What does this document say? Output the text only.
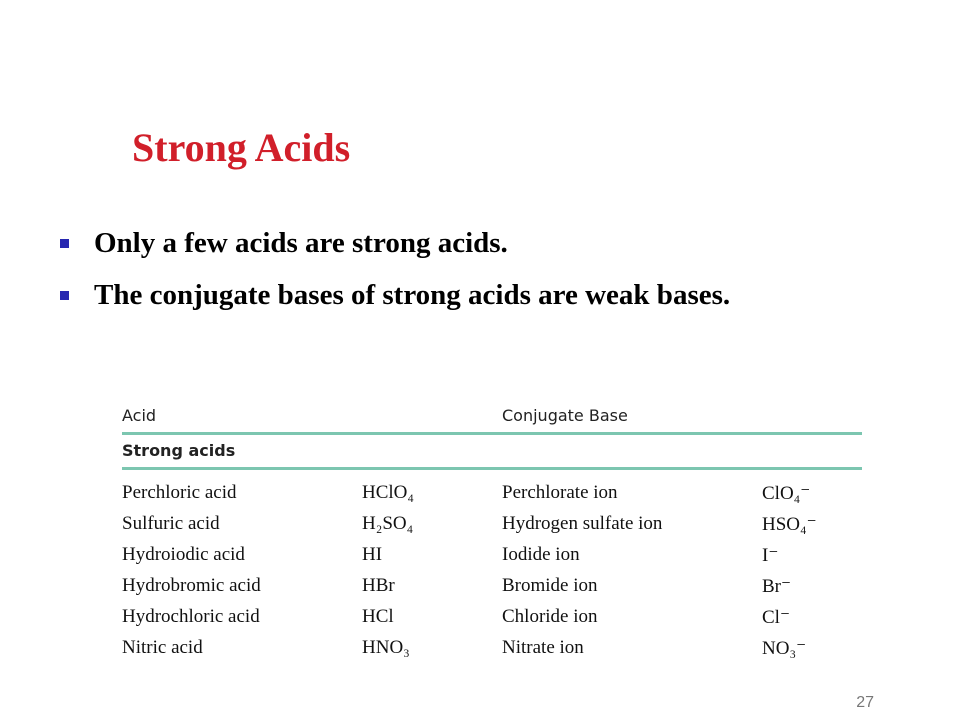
Strong Acids
Only a few acids are strong acids.
The conjugate bases of strong acids are weak bases.
Acid	Conjugate Base
Strong acids
Perchloric acid	HClO₄	Perchlorate ion	ClO₄⁻
Sulfuric acid	H₂SO₄	Hydrogen sulfate ion	HSO₄⁻
Hydroiodic acid	HI	Iodide ion	I⁻
Hydrobromic acid	HBr	Bromide ion	Br⁻
Hydrochloric acid	HCl	Chloride ion	Cl⁻
Nitric acid	HNO₃	Nitrate ion	NO₃⁻
27
